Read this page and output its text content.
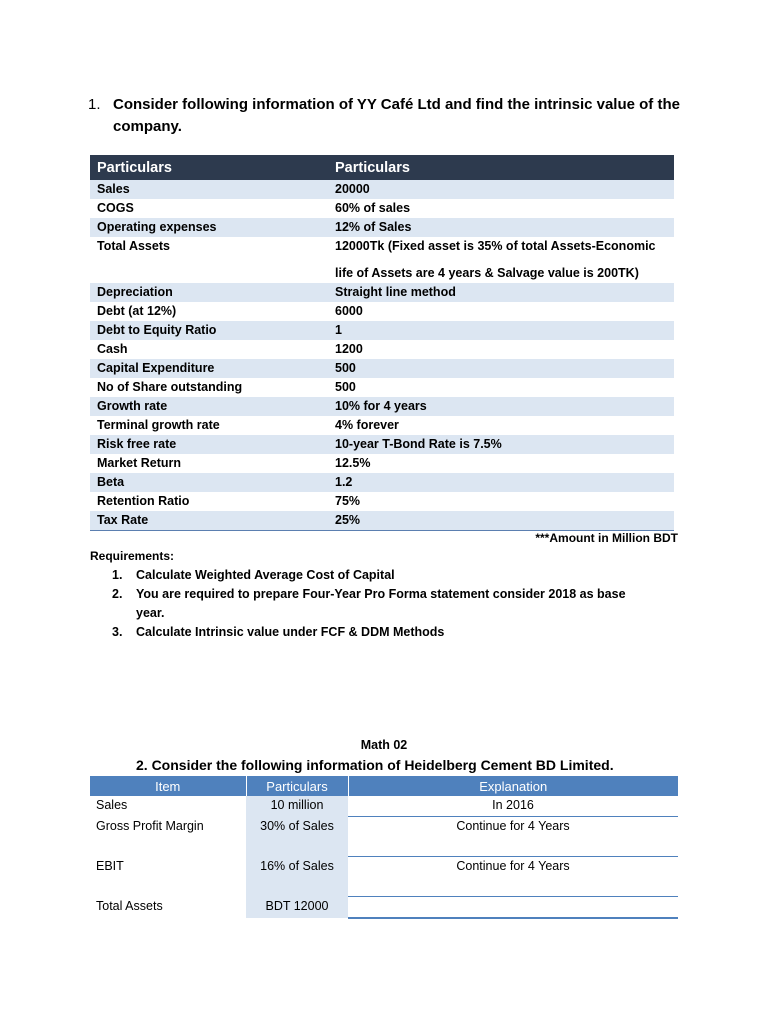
1. Consider following information of YY Café Ltd and find the intrinsic value of the company.
Particulars	Particulars
Sales	20000
COGS	60% of sales
Operating expenses	12% of Sales
Total Assets	12000Tk (Fixed asset is 35% of total Assets-Economic
life of Assets are 4 years & Salvage value is 200TK)

Depreciation	Straight line method
Debt (at 12%)	6000
Debt to Equity Ratio	1
Cash	1200
Capital Expenditure	500
No of Share outstanding	500
Growth rate	10% for 4 years
Terminal growth rate	4% forever
Risk free rate	10-year T-Bond Rate is 7.5%
Market Return	12.5%
Beta	1.2
Retention Ratio	75%
Tax Rate	25%
***Amount in Million BDT
Requirements:
1.	Calculate Weighted Average Cost of Capital
2.	You are required to prepare Four-Year Pro Forma statement consider 2018 as base year.
3.	Calculate Intrinsic value under FCF & DDM Methods
Math 02
2. Consider the following information of Heidelberg Cement BD Limited.
Item	Particulars	Explanation
Sales	10 million	In 2016
Gross Profit Margin	30% of Sales	Continue for 4 Years
EBIT	16% of Sales	Continue for 4 Years
Total Assets	BDT 12000	
